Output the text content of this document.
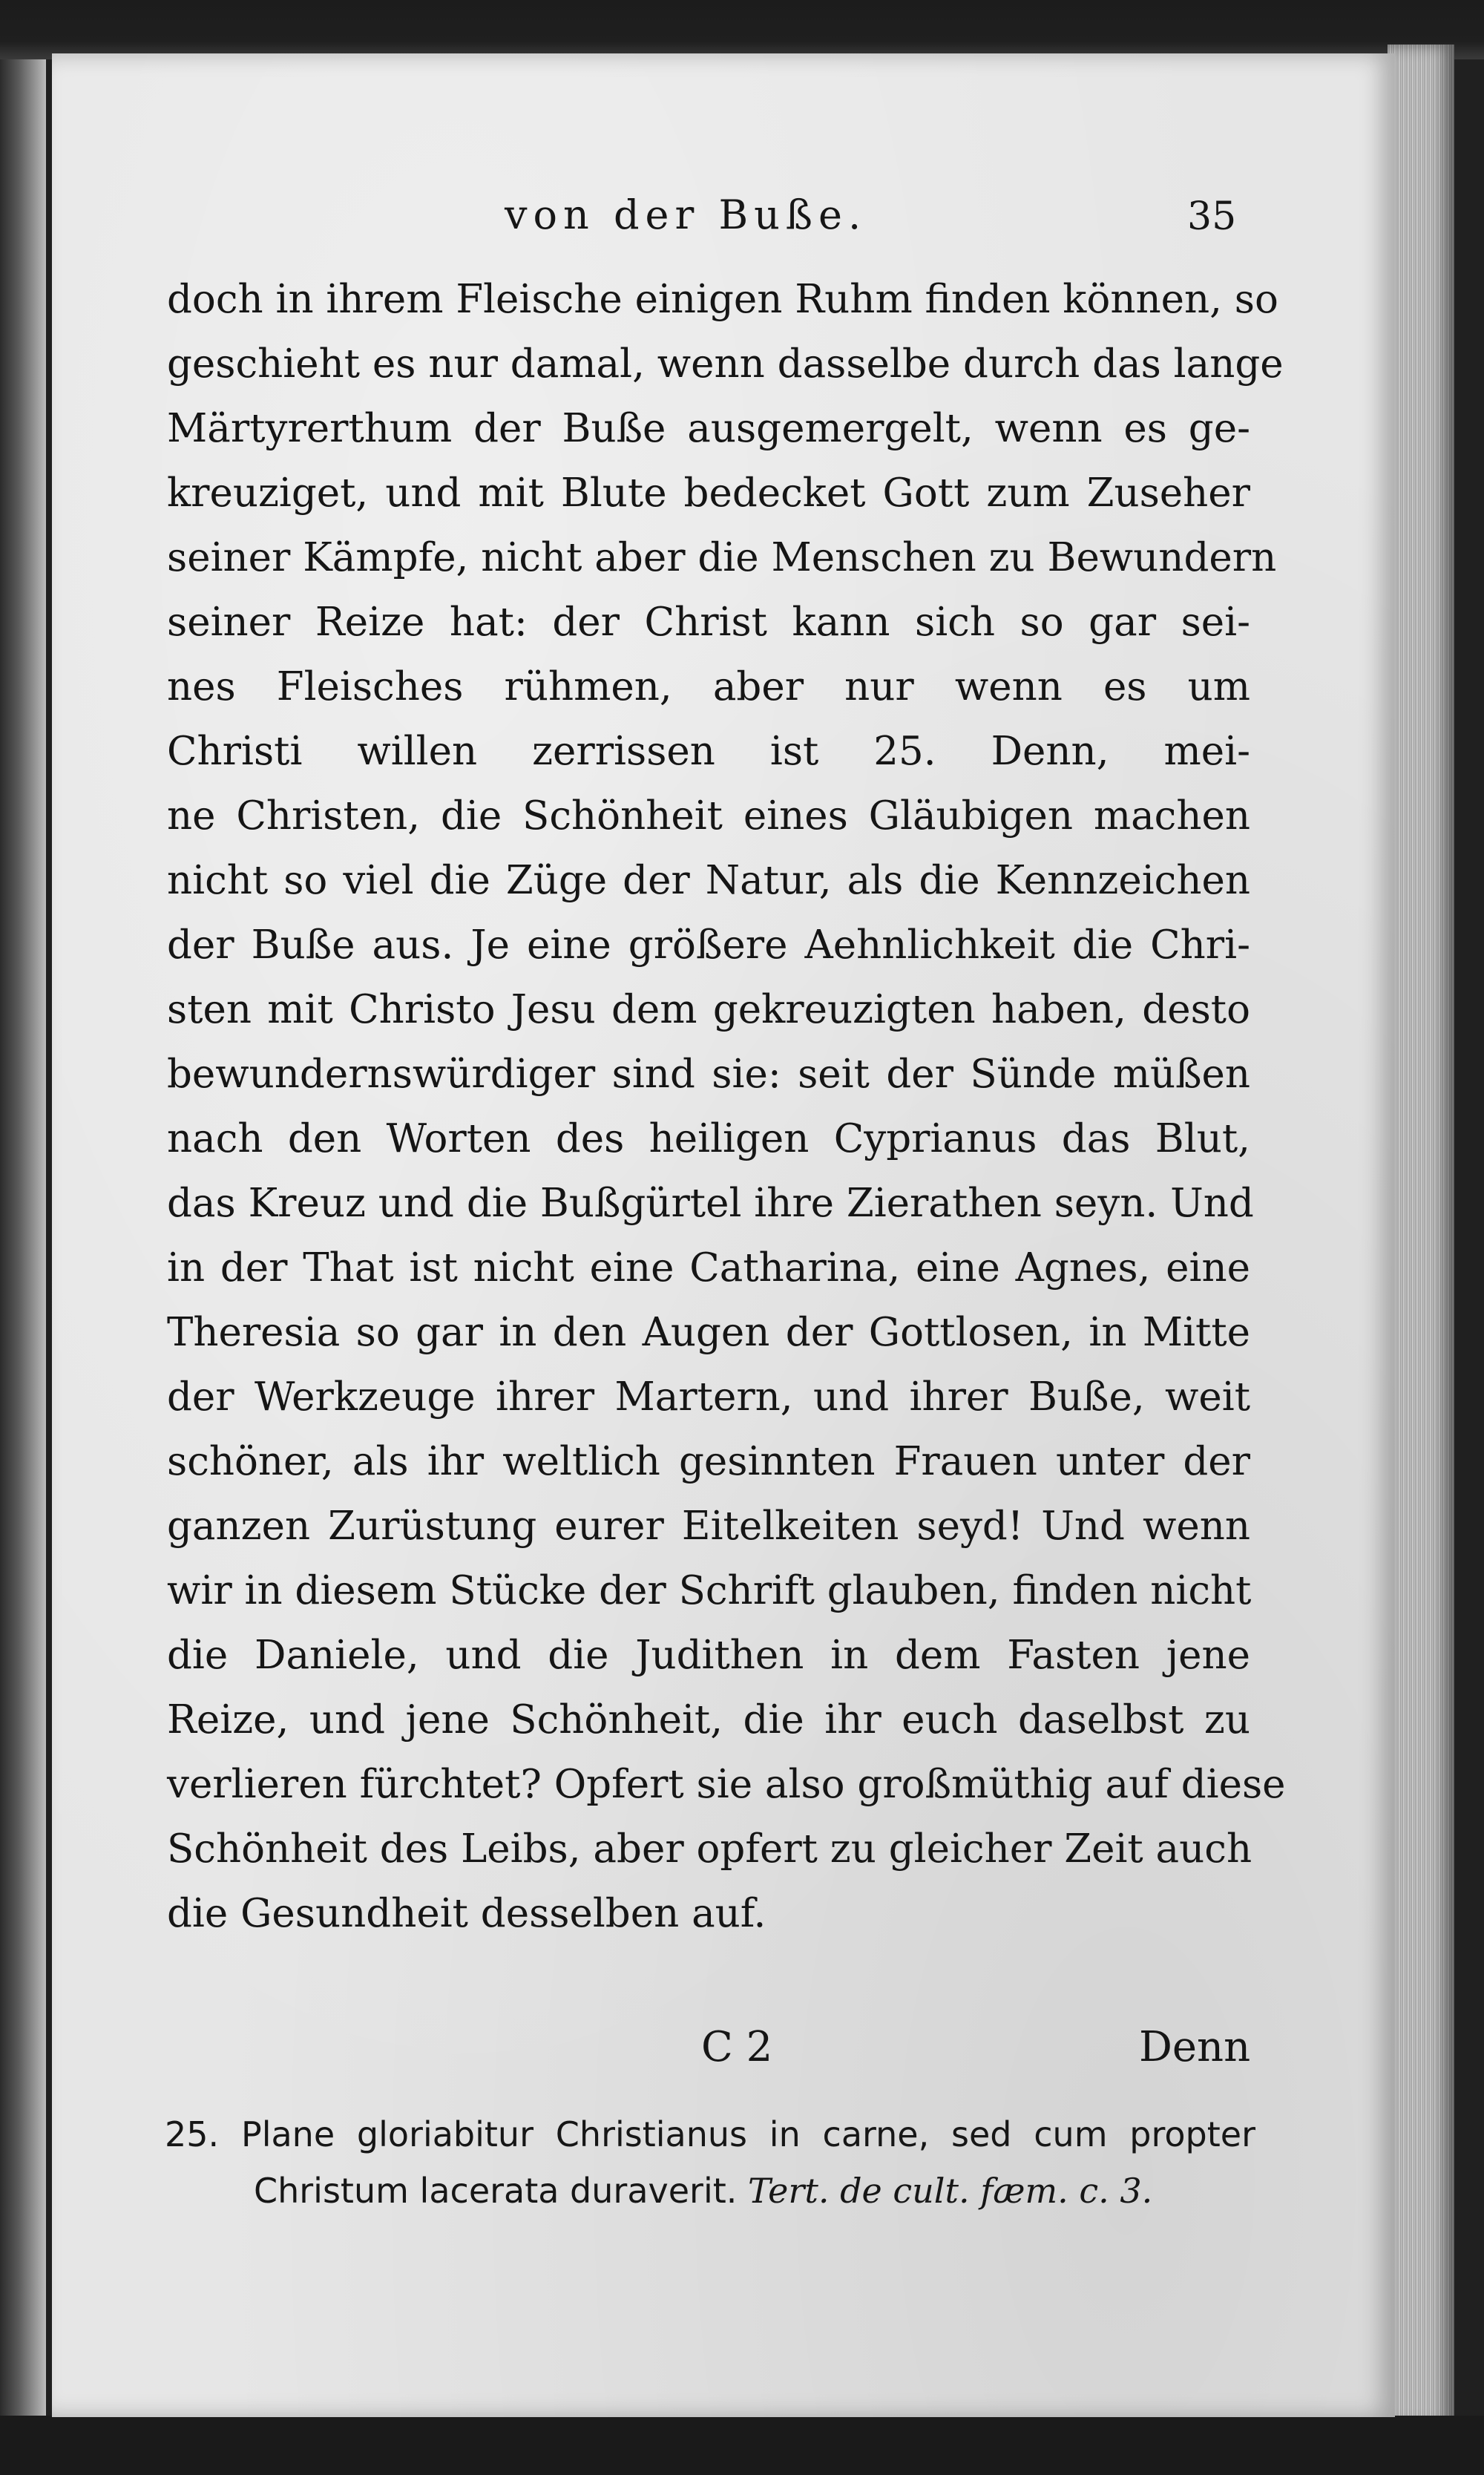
von der Buße.	35
doch in ihrem Fleische einigen Ruhm finden können, so
geschieht es nur damal, wenn dasselbe durch das lange
Märtyrerthum der Buße ausgemergelt, wenn es ge-
kreuziget, und mit Blute bedecket Gott zum Zuseher
seiner Kämpfe, nicht aber die Menschen zu Bewundern
seiner Reize hat: der Christ kann sich so gar sei-
nes Fleisches rühmen, aber nur wenn es um
Christi willen zerrissen ist 25. Denn, mei-
ne Christen, die Schönheit eines Gläubigen machen
nicht so viel die Züge der Natur, als die Kennzeichen
der Buße aus. Je eine größere Aehnlichkeit die Chri-
sten mit Christo Jesu dem gekreuzigten haben, desto
bewundernswürdiger sind sie: seit der Sünde müßen
nach den Worten des heiligen Cyprianus das Blut,
das Kreuz und die Bußgürtel ihre Zierathen seyn. Und
in der That ist nicht eine Catharina, eine Agnes, eine
Theresia so gar in den Augen der Gottlosen, in Mitte
der Werkzeuge ihrer Martern, und ihrer Buße, weit
schöner, als ihr weltlich gesinnten Frauen unter der
ganzen Zurüstung eurer Eitelkeiten seyd! Und wenn
wir in diesem Stücke der Schrift glauben, finden nicht
die Daniele, und die Judithen in dem Fasten jene
Reize, und jene Schönheit, die ihr euch daselbst zu
verlieren fürchtet? Opfert sie also großmüthig auf diese
Schönheit des Leibs, aber opfert zu gleicher Zeit auch
die Gesundheit desselben auf.
C 2	Denn
25. Plane gloriabitur Christianus in carne, sed cum propter
Christum lacerata duraverit. Tert. de cult. fæm. c. 3.
